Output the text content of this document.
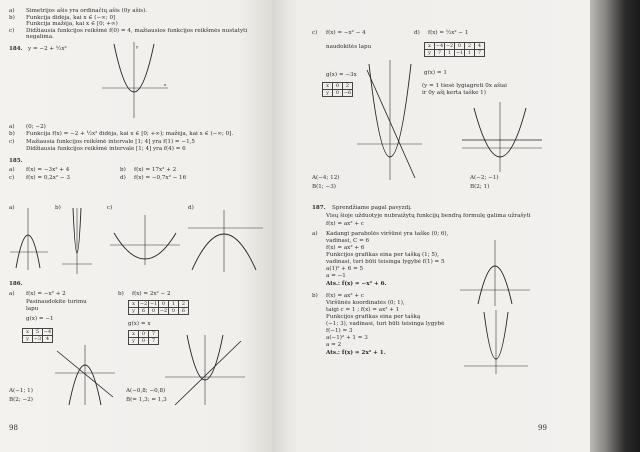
a) Simetrijos ašis yra ordinačių ašis (0y ašis).
b) Funkcija didėja, kai x ∈ (−∞; 0]
Funkcija mažėja, kai x ∈ [0; +∞)
c) Didžiausia funkcijos reikšmė f(0) = 4, mažiausios funkcijos reikšmės nustatyti
negalima.
184. y = −2 + ½x²	y
x
a) (0; −2)
b) Funkcija f(x) = −2 + ½x² didėja, kai x ∈ [0; +∞); mažėja, kai x ∈ (−∞; 0].
c) Mažiausia funkcijos reikšmė intervale [1; 4] yra f(1) = −1,5
Didžiausia funkcijos reikšmė intervale [1; 4] yra f(4) = 6
185.
a) f(x) = −3x² + 4	b) f(x) = 17x² + 2
c) f(x) = 0,2x² − 3	d) f(x) = −0,7x² − 16
a)	b)	c)	d)
186.
a) f(x) = −x² + 2
Pasinaudokite turimu
lapu
g(x) = −1
x	5	−4
y	−3	4
b) f(x) = 2x² − 2
x	−2	−1	0	1	2
y	6	0	−2	0	6
g(x) = x
x	0	7
y	0	7
A(−1; 1)
B(2; −2)
A(−0,8; −0,8)
B(= 1,3; = 1,3
98
c) f(x) = −x² − 4
naudokitės lapu
g(x) = −3x
x	0	2
y	0	−6
A(−4; 12)
B(1; −3)
d) f(x) = ½x² − 1
x	−4	−2	0	2	4
y	7	1	−1	1	7
g(x) = 1
(y = 1 tiesė lygiagreti 0x ašiai
ir 0y ašį kerta taške 1)
A(−2; −1)
B(2; 1)
187. Sprendžiame pagal pavyzdį.
Visų šioje užduotyje nubraižytų funkcijų bendrą formulę galima užrašyti
f(x) = ax² + c
a) Kadangi parabolės viršūnė yra taške (0; 6),
vadinasi, C = 6
f(x) = ax² + 6
Funkcijos grafikas eina per tašką (1; 5),
vadinasi, turi būti teisinga lygybė f(1) = 5
a(1)² + 6 = 5
a = −1
Ats.: f(x) = −x² + 6.
b) f(x) = ax² + c
Viršūnės koordinatės (0; 1),
taigi c = 1 ; f(x) = ax² + 1
Funkcijos grafikas eina per tašką
(−1; 3), vadinasi, turi būti teisinga lygybė
f(−1) = 3
a(−1)² + 1 = 3
a = 2
Ats.: f(x) = 2x² + 1.
99
